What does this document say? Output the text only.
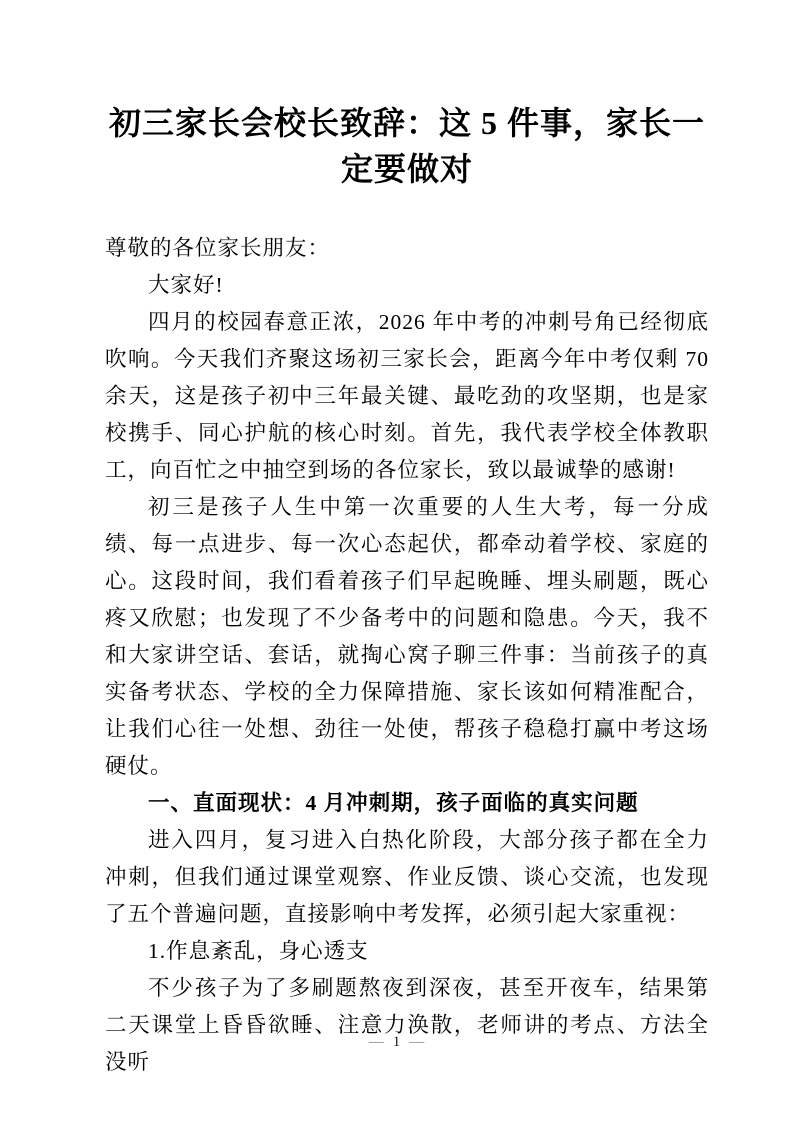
初三家长会校长致辞：这 5 件事，家长一
定要做对

尊敬的各位家长朋友：

大家好!

四月的校园春意正浓，2026 年中考的冲刺号角已经彻底吹响。今天我们齐聚这场初三家长会，距离今年中考仅剩 70 余天，这是孩子初中三年最关键、最吃劲的攻坚期，也是家校携手、同心护航的核心时刻。首先，我代表学校全体教职工，向百忙之中抽空到场的各位家长，致以最诚挚的感谢!

初三是孩子人生中第一次重要的人生大考，每一分成绩、每一点进步、每一次心态起伏，都牵动着学校、家庭的心。这段时间，我们看着孩子们早起晚睡、埋头刷题，既心疼又欣慰；也发现了不少备考中的问题和隐患。今天，我不和大家讲空话、套话，就掏心窝子聊三件事：当前孩子的真实备考状态、学校的全力保障措施、家长该如何精准配合，让我们心往一处想、劲往一处使，帮孩子稳稳打赢中考这场硬仗。

一、直面现状：4 月冲刺期，孩子面临的真实问题

进入四月，复习进入白热化阶段，大部分孩子都在全力冲刺，但我们通过课堂观察、作业反馈、谈心交流，也发现了五个普遍问题，直接影响中考发挥，必须引起大家重视：

1.作息紊乱，身心透支

不少孩子为了多刷题熬夜到深夜，甚至开夜车，结果第二天课堂上昏昏欲睡、注意力涣散，老师讲的考点、方法全没听

— 1 —
